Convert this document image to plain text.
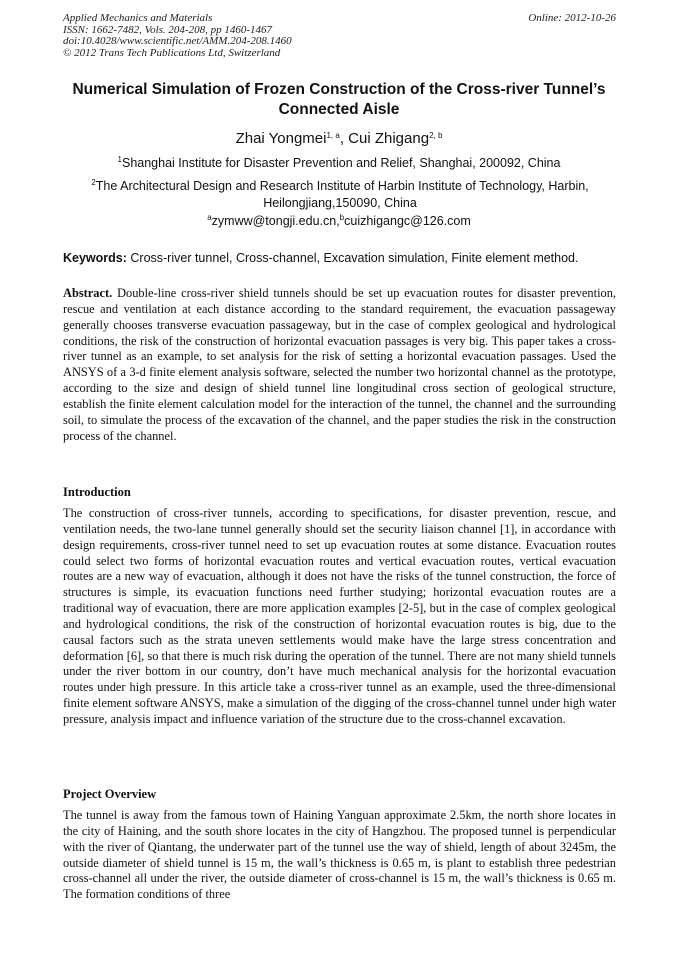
Applied Mechanics and Materials
ISSN: 1662-7482, Vols. 204-208, pp 1460-1467
doi:10.4028/www.scientific.net/AMM.204-208.1460
© 2012 Trans Tech Publications Ltd, Switzerland
Online: 2012-10-26
Numerical Simulation of Frozen Construction of the Cross-river Tunnel’s Connected Aisle
Zhai Yongmei$^{1, a}$, Cui Zhigang$^{2, b}$
$^1$Shanghai Institute for Disaster Prevention and Relief, Shanghai, 200092, China
$^2$The Architectural Design and Research Institute of Harbin Institute of Technology, Harbin, Heilongjiang,150090, China
$^a$zymww@tongji.edu.cn,$^b$cuizhigangc@126.com
Keywords: Cross-river tunnel, Cross-channel, Excavation simulation, Finite element method.
Abstract. Double-line cross-river shield tunnels should be set up evacuation routes for disaster prevention, rescue and ventilation at each distance according to the standard requirement, the evacuation passageway generally chooses transverse evacuation passageway, but in the case of complex geological and hydrological conditions, the risk of the construction of horizontal evacuation passages is very big. This paper takes a cross-river tunnel as an example, to set analysis for the risk of setting a horizontal evacuation passages. Used the ANSYS of a 3-d finite element analysis software, selected the number two horizontal channel as the prototype, according to the size and design of shield tunnel line longitudinal cross section of geological structure, establish the finite element calculation model for the interaction of the tunnel, the channel and the surrounding soil, to simulate the process of the excavation of the channel, and the paper studies the risk in the construction process of the channel.
Introduction
The construction of cross-river tunnels, according to specifications, for disaster prevention, rescue, and ventilation needs, the two-lane tunnel generally should set the security liaison channel [1], in accordance with design requirements, cross-river tunnel need to set up evacuation routes at some distance. Evacuation routes could select two forms of horizontal evacuation routes and vertical evacuation routes, vertical evacuation routes are a new way of evacuation, although it does not have the risks of the tunnel construction, the force of structures is simple, its evacuation functions need further studying; horizontal evacuation routes are a traditional way of evacuation, there are more application examples [2-5], but in the case of complex geological and hydrological conditions, the risk of the construction of horizontal evacuation routes is big, due to the causal factors such as the strata uneven settlements would make have the large stress concentration and deformation [6], so that there is much risk during the operation of the tunnel. There are not many shield tunnels under the river bottom in our country, don’t have much mechanical analysis for the horizontal evacuation routes under high pressure. In this article take a cross-river tunnel as an example, used the three-dimensional finite element software ANSYS, make a simulation of the digging of the cross-channel tunnel under high water pressure, analysis impact and influence variation of the structure due to the cross-channel excavation.
Project Overview
The tunnel is away from the famous town of Haining Yanguan approximate 2.5km, the north shore locates in the city of Haining, and the south shore locates in the city of Hangzhou. The proposed tunnel is perpendicular with the river of Qiantang, the underwater part of the tunnel use the way of shield, length of about 3245m, the outside diameter of shield tunnel is 15 m, the wall’s thickness is 0.65 m, is plant to establish three pedestrian cross-channel all under the river, the outside diameter of cross-channel is 15 m, the wall’s thickness is 0.65 m. The formation conditions of three
